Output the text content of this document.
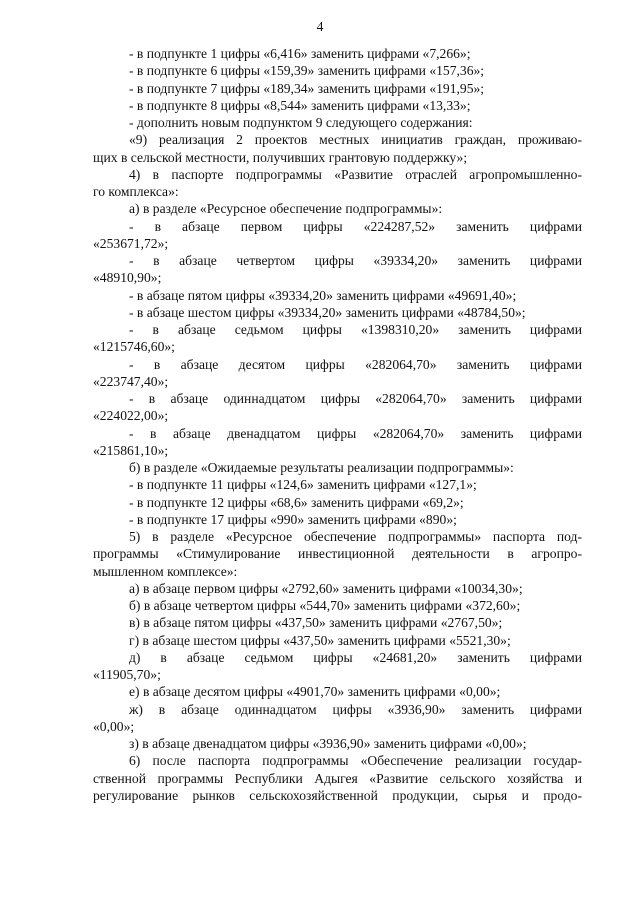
4
- в подпункте 1 цифры «6,416» заменить цифрами «7,266»;
- в подпункте 6 цифры «159,39» заменить цифрами «157,36»;
- в подпункте 7 цифры «189,34» заменить цифрами «191,95»;
- в подпункте 8 цифры «8,544» заменить цифрами «13,33»;
- дополнить новым подпунктом 9 следующего содержания:
«9) реализация 2 проектов местных инициатив граждан, проживаю-
щих в сельской местности, получивших грантовую поддержку»;
4) в паспорте подпрограммы «Развитие отраслей агропромышленно-
го комплекса»:
а) в разделе «Ресурсное обеспечение подпрограммы»:
- в абзаце первом цифры «224287,52» заменить цифрами
«253671,72»;
- в абзаце четвертом цифры «39334,20» заменить цифрами
«48910,90»;
- в абзаце пятом цифры «39334,20» заменить цифрами «49691,40»;
- в абзаце шестом цифры «39334,20» заменить цифрами «48784,50»;
- в абзаце седьмом цифры «1398310,20» заменить цифрами
«1215746,60»;
- в абзаце десятом цифры «282064,70» заменить цифрами
«223747,40»;
- в абзаце одиннадцатом цифры «282064,70» заменить цифрами
«224022,00»;
- в абзаце двенадцатом цифры «282064,70» заменить цифрами
«215861,10»;
б) в разделе «Ожидаемые результаты реализации подпрограммы»:
- в подпункте 11 цифры «124,6» заменить цифрами «127,1»;
- в подпункте 12 цифры «68,6» заменить цифрами «69,2»;
- в подпункте 17 цифры «990» заменить цифрами «890»;
5) в разделе «Ресурсное обеспечение подпрограммы» паспорта под-
программы «Стимулирование инвестиционной деятельности в агропро-
мышленном комплексе»:
а) в абзаце первом цифры «2792,60» заменить цифрами «10034,30»;
б) в абзаце четвертом цифры «544,70» заменить цифрами «372,60»;
в) в абзаце пятом цифры «437,50» заменить цифрами «2767,50»;
г) в абзаце шестом цифры «437,50» заменить цифрами «5521,30»;
д) в абзаце седьмом цифры «24681,20» заменить цифрами
«11905,70»;
е) в абзаце десятом цифры «4901,70» заменить цифрами «0,00»;
ж) в абзаце одиннадцатом цифры «3936,90» заменить цифрами
«0,00»;
з) в абзаце двенадцатом цифры «3936,90» заменить цифрами «0,00»;
6) после паспорта подпрограммы «Обеспечение реализации государ-
ственной программы Республики Адыгея «Развитие сельского хозяйства и
регулирование рынков сельскохозяйственной продукции, сырья и продо-
